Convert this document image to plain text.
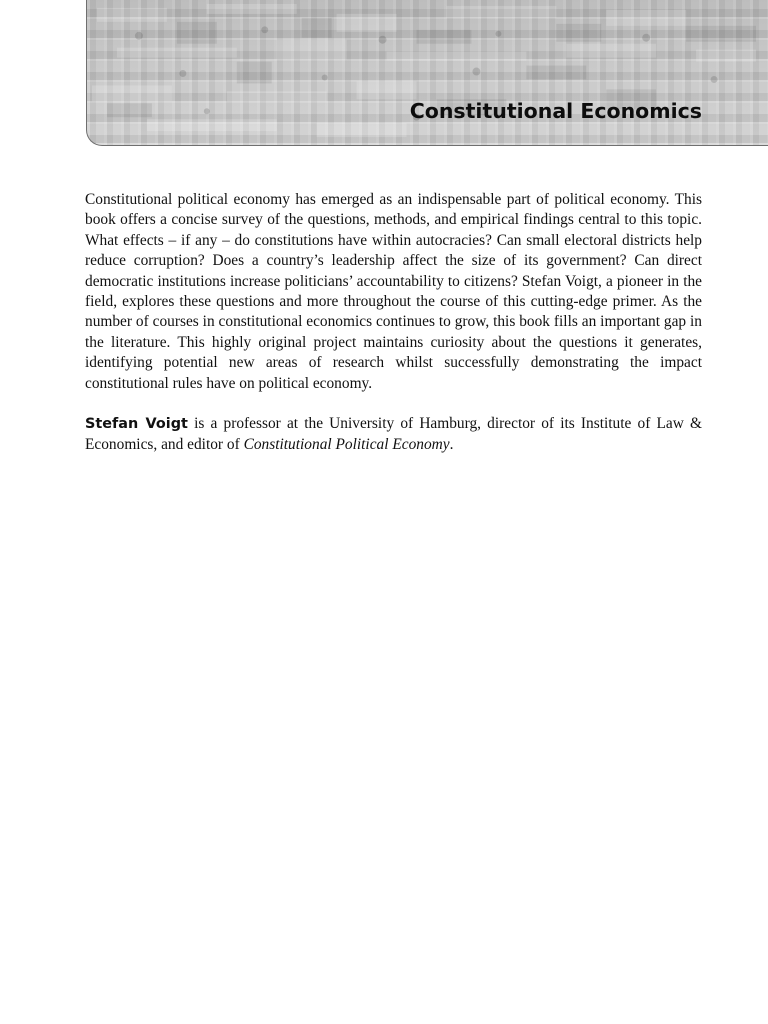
Constitutional Economics

Constitutional political economy has emerged as an indispensable part of political economy. This book offers a concise survey of the questions, methods, and empirical findings central to this topic. What effects – if any – do constitutions have within autocracies? Can small electoral districts help reduce corruption? Does a country’s leadership affect the size of its government? Can direct democratic institutions increase politicians’ accountability to citizens? Stefan Voigt, a pioneer in the field, explores these questions and more throughout the course of this cutting-edge primer. As the number of courses in constitutional economics continues to grow, this book fills an important gap in the literature. This highly original project maintains curiosity about the questions it generates, identifying potential new areas of research whilst successfully demonstrating the impact constitutional rules have on political economy.

Stefan Voigt is a professor at the University of Hamburg, director of its Institute of Law & Economics, and editor of Constitutional Political Economy.
